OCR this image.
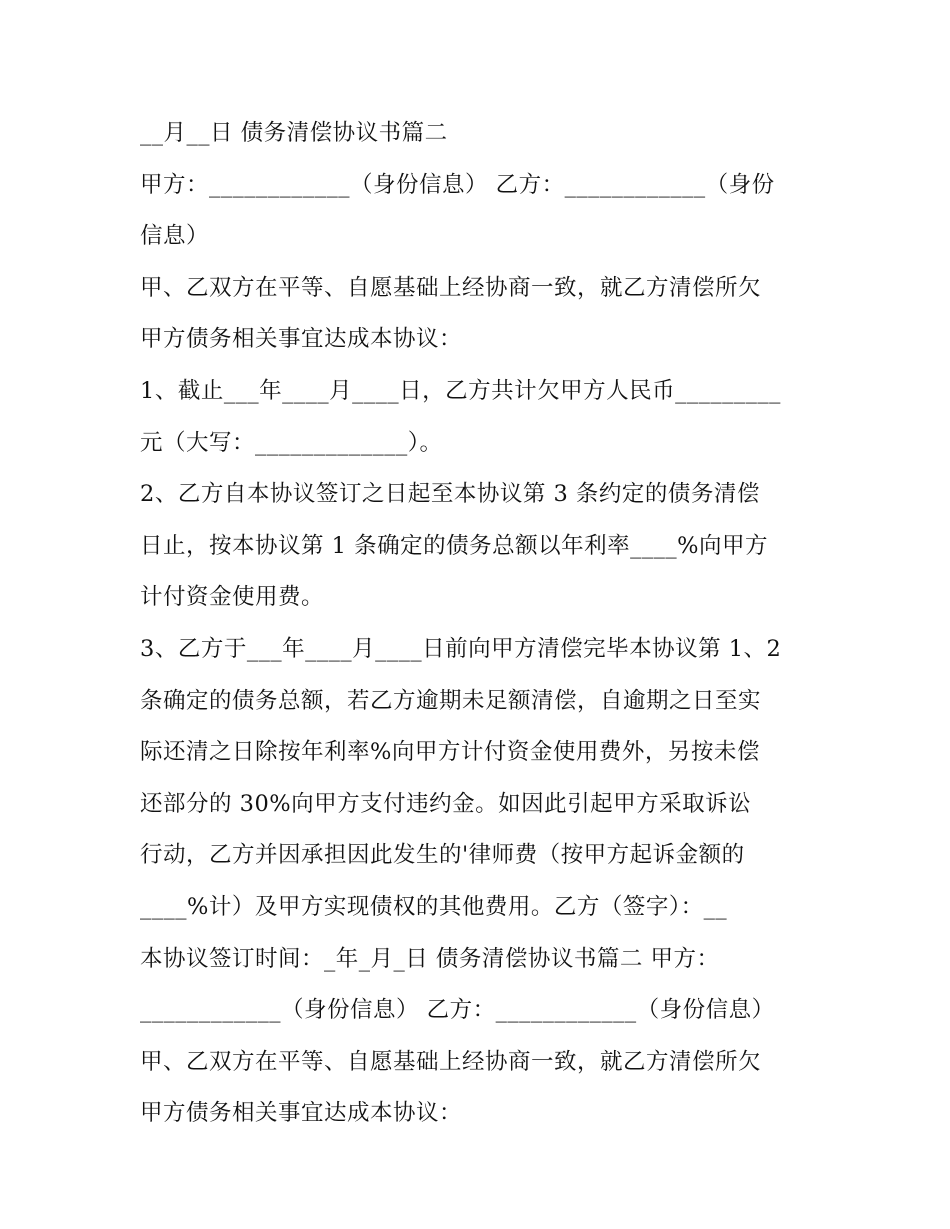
__月__日 债务清偿协议书篇二
甲方：____________（身份信息） 乙方：____________（身份
信息）
甲、乙双方在平等、自愿基础上经协商一致，就乙方清偿所欠
甲方债务相关事宜达成本协议：
1、截止___年____月____日，乙方共计欠甲方人民币_________
元（大写：_____________）。
2、乙方自本协议签订之日起至本协议第 3 条约定的债务清偿
日止，按本协议第 1 条确定的债务总额以年利率____%向甲方
计付资金使用费。
3、乙方于___年____月____日前向甲方清偿完毕本协议第 1、2
条确定的债务总额，若乙方逾期未足额清偿，自逾期之日至实
际还清之日除按年利率%向甲方计付资金使用费外，另按未偿
还部分的 30%向甲方支付违约金。如因此引起甲方采取诉讼
行动，乙方并因承担因此发生的'律师费（按甲方起诉金额的
____%计）及甲方实现债权的其他费用。乙方（签字）：__
本协议签订时间：_年_月_日 债务清偿协议书篇二 甲方：
____________（身份信息） 乙方：____________（身份信息）
甲、乙双方在平等、自愿基础上经协商一致，就乙方清偿所欠
甲方债务相关事宜达成本协议：
